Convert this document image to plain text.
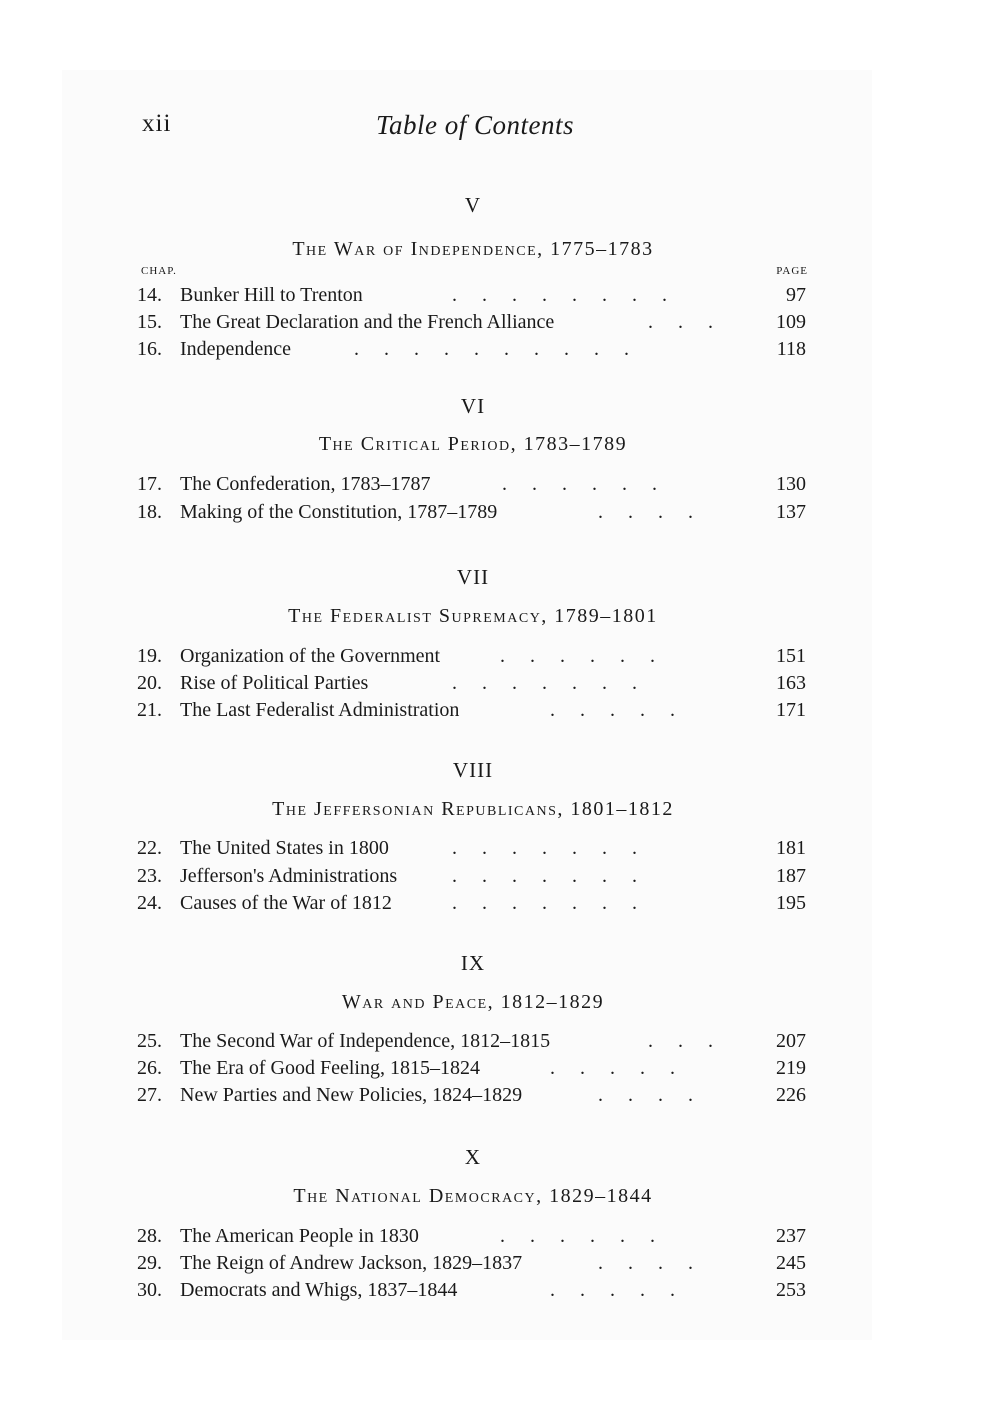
xii	Table of Contents
V
The War of Independence, 1775–1783
CHAP.	PAGE
14. Bunker Hill to Trenton	.     .     .     .     .     .     .     .	97
15. The Great Declaration and the French Alliance	.     .     .	109
16. Independence	.     .     .     .     .     .     .     .     .     .	118
VI
The Critical Period, 1783–1789
17. The Confederation, 1783–1787	.     .     .     .     .     .	130
18. Making of the Constitution, 1787–1789	.     .     .     .	137
VII
The Federalist Supremacy, 1789–1801
19. Organization of the Government	.     .     .     .     .     .	151
20. Rise of Political Parties	.     .     .     .     .     .     .	163
21. The Last Federalist Administration	.     .     .     .     .	171
VIII
The Jeffersonian Republicans, 1801–1812
22. The United States in 1800	.     .     .     .     .     .     .	181
23. Jefferson's Administrations	.     .     .     .     .     .     .	187
24. Causes of the War of 1812	.     .     .     .     .     .     .	195
IX
War and Peace, 1812–1829
25. The Second War of Independence, 1812–1815	.     .     .	207
26. The Era of Good Feeling, 1815–1824	.     .     .     .     .	219
27. New Parties and New Policies, 1824–1829	.     .     .     .	226
X
The National Democracy, 1829–1844
28. The American People in 1830	.     .     .     .     .     .	237
29. The Reign of Andrew Jackson, 1829–1837	.     .     .     .	245
30. Democrats and Whigs, 1837–1844	.     .     .     .     .	253
